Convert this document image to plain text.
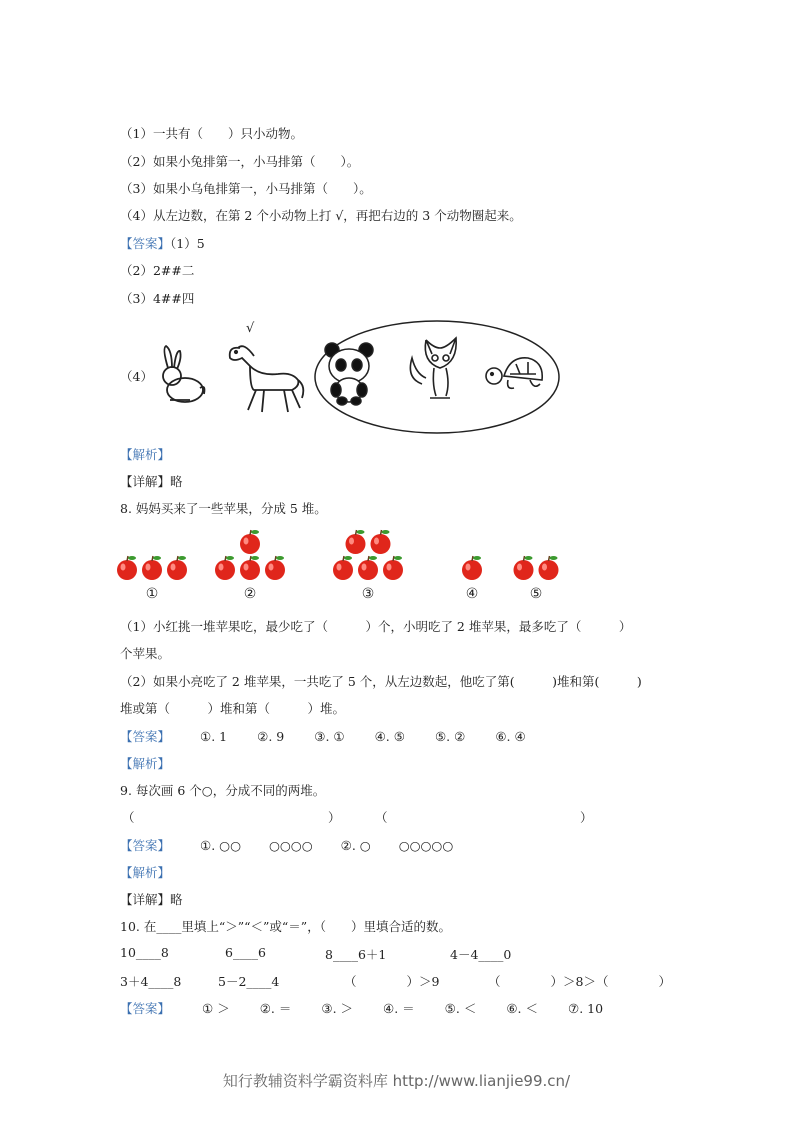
（1）一共有（　　）只小动物。
（2）如果小兔排第一，小马排第（　　）。
（3）如果小乌龟排第一，小马排第（　　）。
（4）从左边数，在第 2 个小动物上打 √，再把右边的 3 个动物圈起来。
【答案】（1）5
（2）2##二
（3）4##四
（4）
√
【解析】
【详解】略
8. 妈妈买来了一些苹果，分成 5 堆。
①	②	③	④	⑤
（1）小红挑一堆苹果吃，最少吃了（　　　）个，小明吃了 2 堆苹果，最多吃了（　　　）
个苹果。
（2）如果小亮吃了 2 堆苹果，一共吃了 5 个，从左边数起，他吃了第(　　　)堆和第(　　　)
堆或第（　　　）堆和第（　　　）堆。
【答案】 ①. 1 ②. 9 ③. ① ④. ⑤ ⑤. ② ⑥. ④
【解析】
9. 每次画 6 个○，分成不同的两堆。
（	）	（	）
【答案】 ①. ○○ ○○○○ ②. ○ ○○○○○
【解析】
【详解】略
10. 在____里填上“＞”“＜”或“＝”，（　　）里填合适的数。
10____8	6____6	8____6＋1	4－4____0
3＋4____8	5－2____4	（　　　　）＞9	（　　　　）＞8＞（　　　　）
【答案】	① ＞ ②. ＝ ③. ＞ ④. ＝ ⑤. ＜ ⑥. ＜ ⑦. 10
知行教辅资料学霸资料库 http://www.lianjie99.cn/
